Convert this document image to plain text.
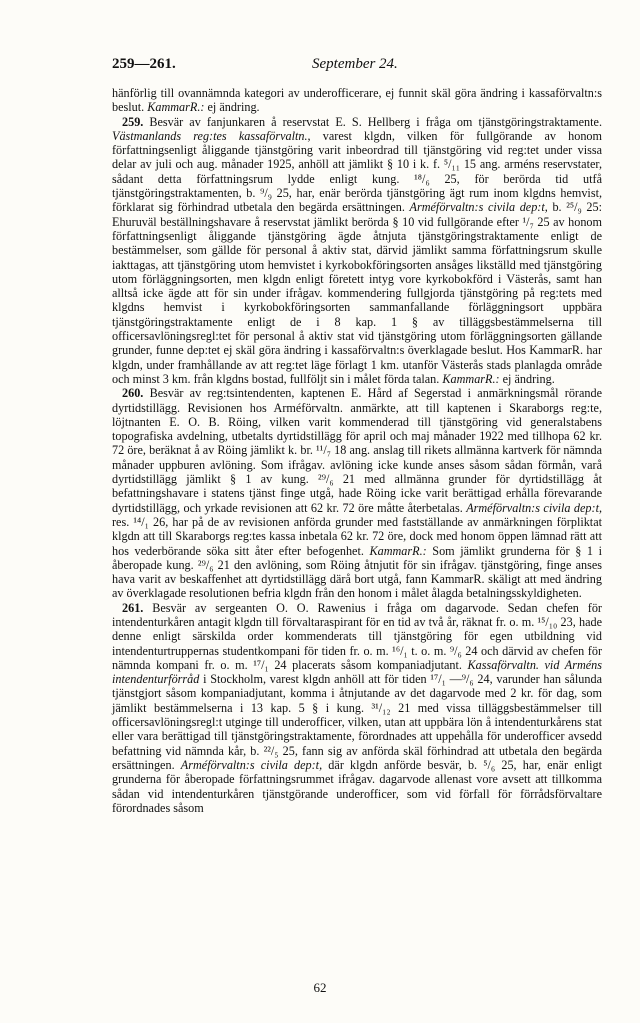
259—261.	September 24.

hänförlig till ovannämnda kategori av underofficerare, ej funnit skäl göra ändring i kassaförvaltn:s beslut. KammarR.: ej ändring.

259. Besvär av fanjunkaren å reservstat E. S. Hellberg i fråga om tjänstgöringstraktamente. Västmanlands reg:tes kassaförvaltn., varest klgdn, vilken för fullgörande av honom författningsenligt åliggande tjänstgöring varit inbeordrad till tjänstgöring vid reg:tet under vissa delar av juli och aug. månader 1925, anhöll att jämlikt § 10 i k. f. ⁵/₁₁ 15 ang. arméns reservstater, sådant detta författningsrum lydde enligt kung. ¹⁸/₆ 25, för berörda tid utfå tjänstgöringstraktamenten, b. ⁹/₉ 25, har, enär berörda tjänstgöring ägt rum inom klgdns hemvist, förklarat sig förhindrad utbetala den begärda ersättningen. Arméförvaltn:s civila dep:t, b. ²⁵/₉ 25: Ehuruväl beställningshavare å reservstat jämlikt berörda § 10 vid fullgörande efter ¹/₇ 25 av honom författningsenligt åliggande tjänstgöring ägde åtnjuta tjänstgöringstraktamente enligt de bestämmelser, som gällde för personal å aktiv stat, därvid jämlikt samma författningsrum skulle iakttagas, att tjänstgöring utom hemvistet i kyrkobokföringsorten ansåges likställd med tjänstgöring utom förläggningsorten, men klgdn enligt företett intyg vore kyrkobokförd i Västerås, samt han alltså icke ägde att för sin under ifrågav. kommendering fullgjorda tjänstgöring på reg:tets med klgdns hemvist i kyrkobokföringsorten sammanfallande förläggningsort uppbära tjänstgöringstraktamente enligt de i 8 kap. 1 § av tilläggsbestämmelserna till officersavlöningsregl:tet för personal å aktiv stat vid tjänstgöring utom förläggningsorten gällande grunder, funne dep:tet ej skäl göra ändring i kassaförvaltn:s överklagade beslut. Hos KammarR. har klgdn, under framhållande av att reg:tet läge förlagt 1 km. utanför Västerås stads planlagda område och minst 3 km. från klgdns bostad, fullföljt sin i målet förda talan. KammarR.: ej ändring.

260. Besvär av reg:tsintendenten, kaptenen E. Hård af Segerstad i anmärkningsmål rörande dyrtidstillägg. Revisionen hos Arméförvaltn. anmärkte, att till kaptenen i Skaraborgs reg:te, löjtnanten E. O. B. Röing, vilken varit kommenderad till tjänstgöring vid generalstabens topografiska avdelning, utbetalts dyrtidstillägg för april och maj månader 1922 med tillhopa 62 kr. 72 öre, beräknat å av Röing jämlikt k. br. ¹¹/₇ 18 ang. anslag till rikets allmänna kartverk för nämnda månader uppburen avlöning. Som ifrågav. avlöning icke kunde anses såsom sådan förmån, varå dyrtidstillägg jämlikt § 1 av kung. ²⁹/₆ 21 med allmänna grunder för dyrtidstillägg åt befattningshavare i statens tjänst finge utgå, hade Röing icke varit berättigad erhålla förevarande dyrtidstillägg, och yrkade revisionen att 62 kr. 72 öre måtte återbetalas. Arméförvaltn:s civila dep:t, res. ¹⁴/₁ 26, har på de av revisionen anförda grunder med fastställande av anmärkningen förpliktat klgdn att till Skaraborgs reg:tes kassa inbetala 62 kr. 72 öre, dock med honom öppen lämnad rätt att hos vederbörande söka sitt åter efter befogenhet. KammarR.: Som jämlikt grunderna för § 1 i åberopade kung. ²⁹/₆ 21 den avlöning, som Röing åtnjutit för sin ifrågav. tjänstgöring, finge anses hava varit av beskaffenhet att dyrtidstillägg därå bort utgå, fann KammarR. skäligt att med ändring av överklagade resolutionen befria klgdn från den honom i målet ålagda betalningsskyldigheten.

261. Besvär av sergeanten O. O. Rawenius i fråga om dagarvode. Sedan chefen för intendenturkåren antagit klgdn till förvaltaraspirant för en tid av två år, räknat fr. o. m. ¹⁵/₁₀ 23, hade denne enligt särskilda order kommenderats till tjänstgöring för egen utbildning vid intendenturtruppernas studentkompani för tiden fr. o. m. ¹⁶/₁ t. o. m. ⁹/₆ 24 och därvid av chefen för nämnda kompani fr. o. m. ¹⁷/₁ 24 placerats såsom kompaniadjutant. Kassaförvaltn. vid Arméns intendenturförråd i Stockholm, varest klgdn anhöll att för tiden ¹⁷/₁ —⁹/₆ 24, varunder han sålunda tjänstgjort såsom kompaniadjutant, komma i åtnjutande av det dagarvode med 2 kr. för dag, som jämlikt bestämmelserna i 13 kap. 5 § i kung. ³¹/₁₂ 21 med vissa tilläggsbestämmelser till officersavlöningsregl:t utginge till underofficer, vilken, utan att uppbära lön å intendenturkårens stat eller vara berättigad till tjänstgöringstraktamente, förordnades att uppehålla för underofficer avsedd befattning vid nämnda kår, b. ²²/₅ 25, fann sig av anförda skäl förhindrad att utbetala den begärda ersättningen. Arméförvaltn:s civila dep:t, där klgdn anförde besvär, b. ⁵/₆ 25, har, enär enligt grunderna för åberopade författningsrummet ifrågav. dagarvode allenast vore avsett att tillkomma sådan vid intendenturkåren tjänstgörande underofficer, som vid förfall för förrådsförvaltare förordnades såsom

62
